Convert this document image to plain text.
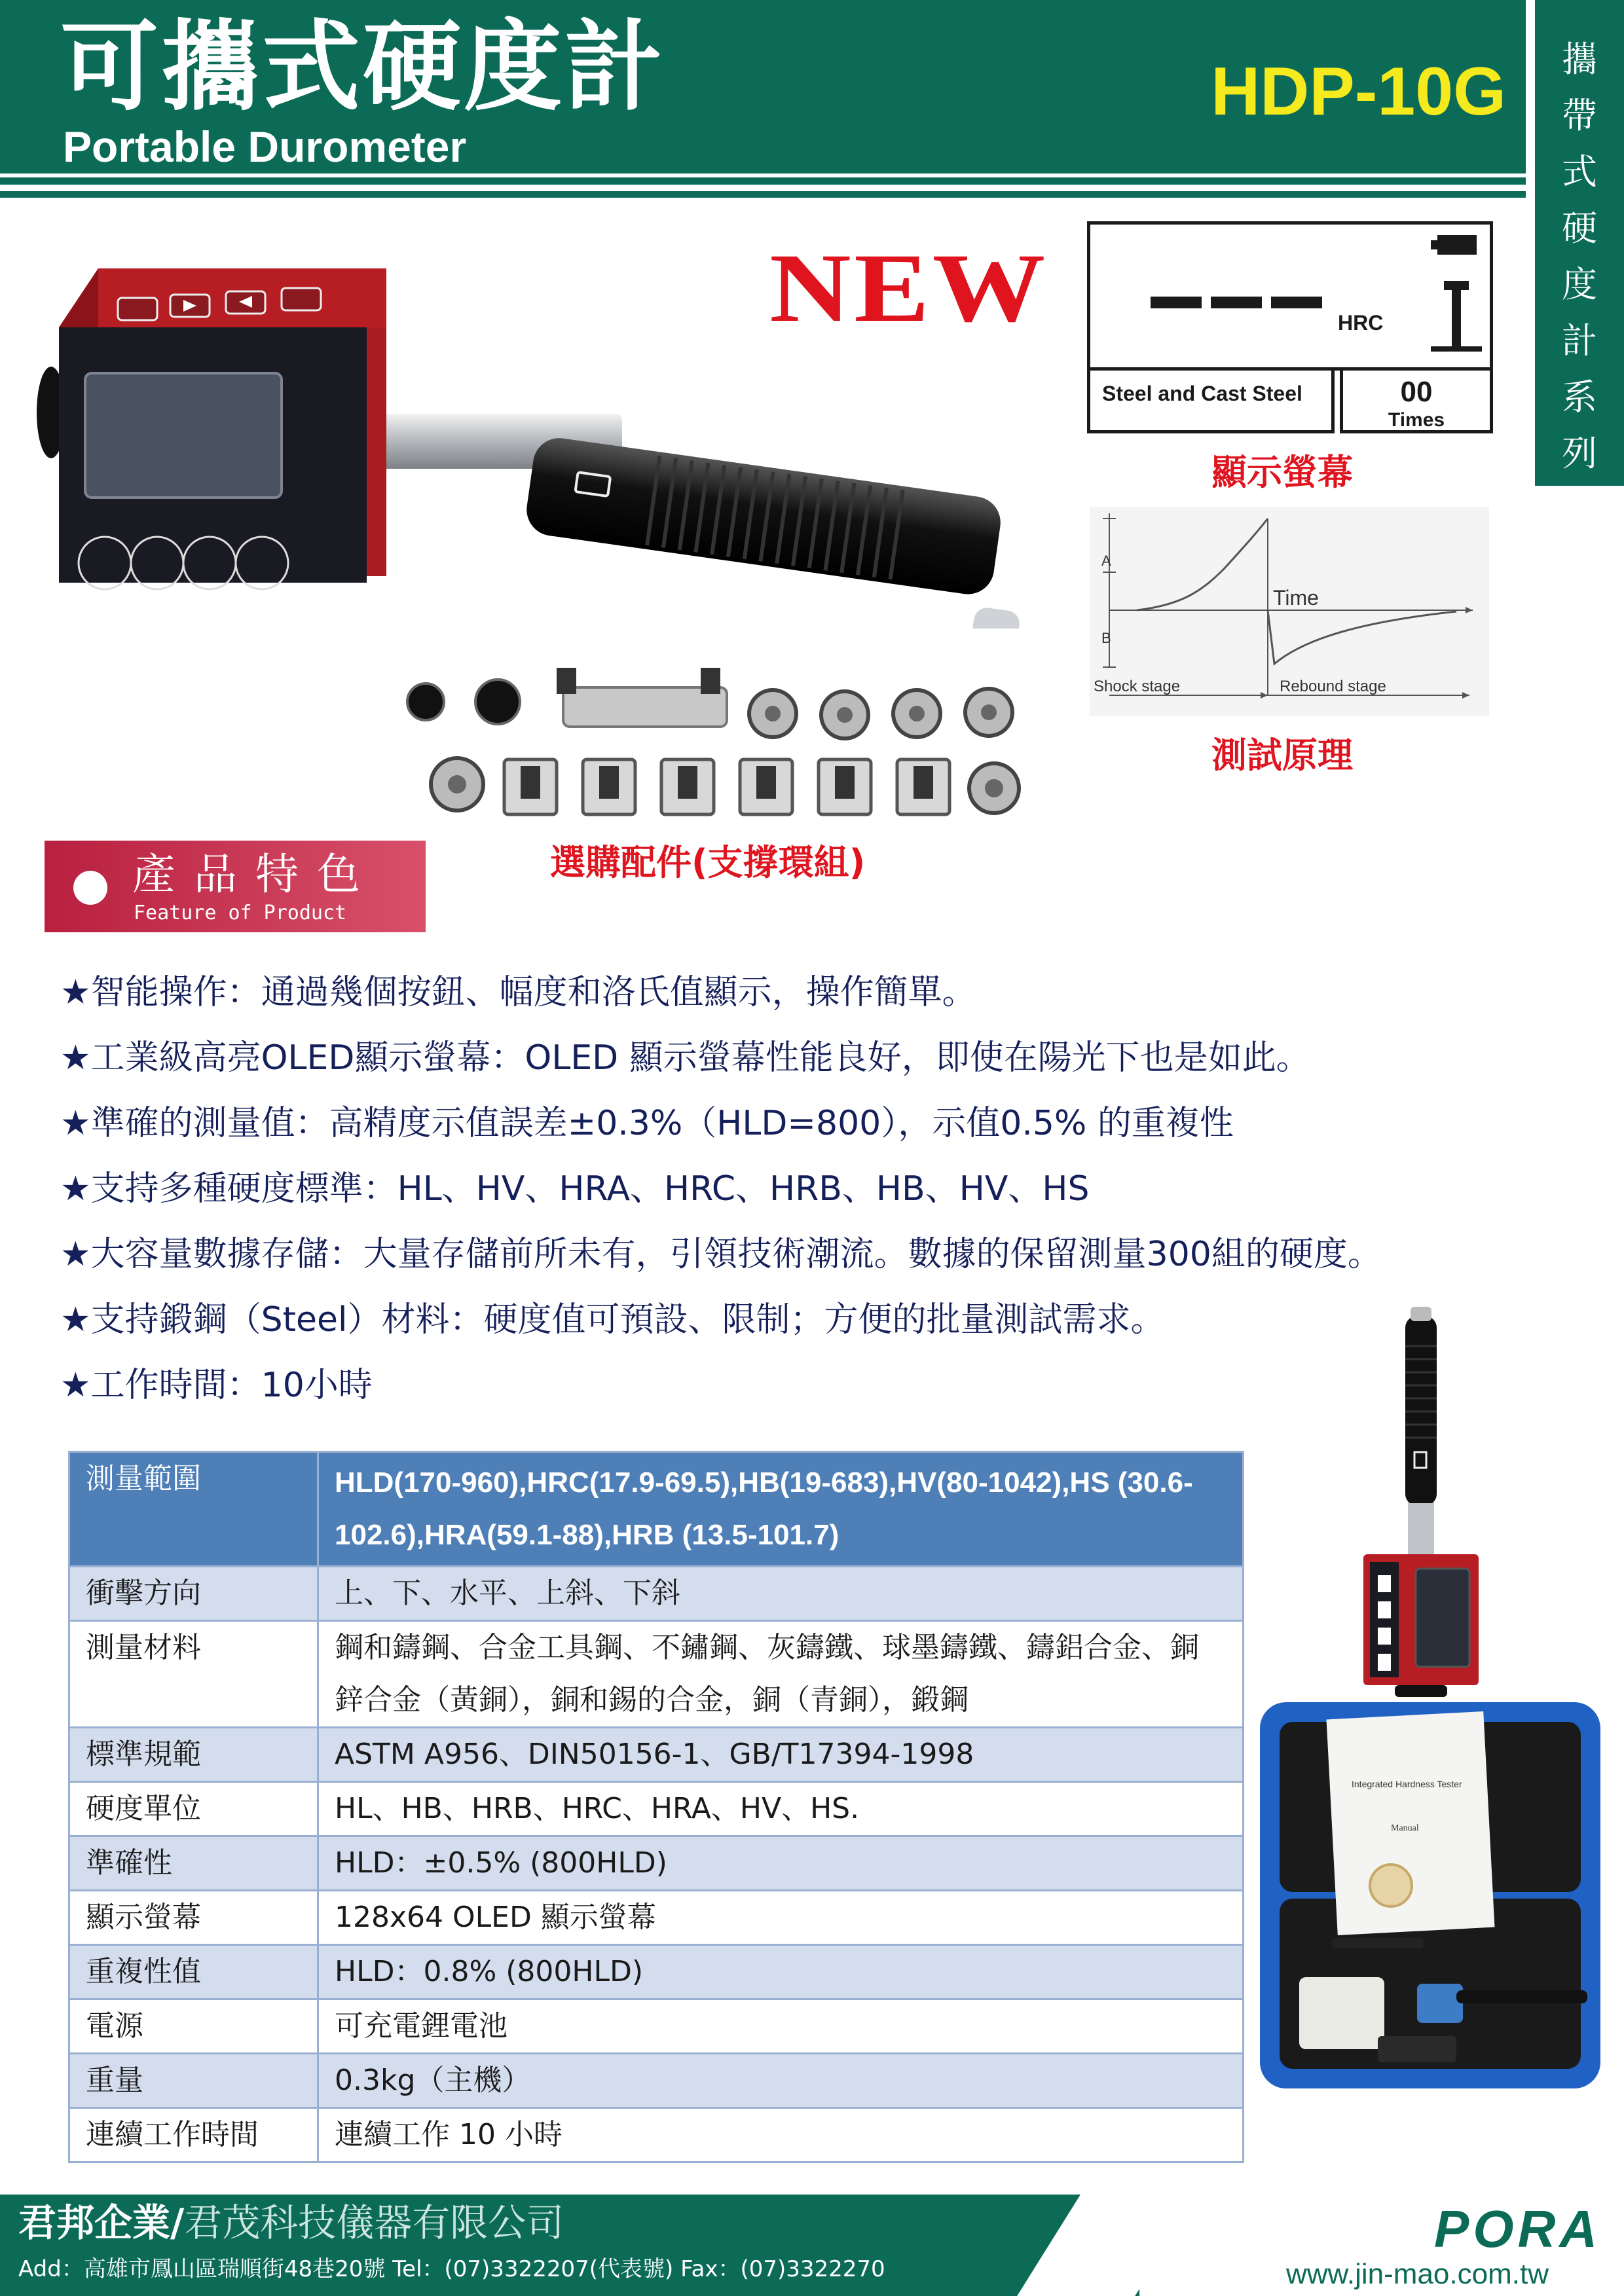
可攜式硬度計
Portable Durometer
HDP-10G	攜
帶
式
硬
度
計
系
列
NEW
選購配件(支撐環組)
HRC
Steel and Cast Steel	00
Times
顯示螢幕
A
B
Time
Shock stage	Rebound stage
測試原理
產品特色
Feature of Product
★智能操作：通過幾個按鈕、幅度和洛氏值顯示，操作簡單。
★工業級高亮OLED顯示螢幕：OLED 顯示螢幕性能良好，即使在陽光下也是如此。
★準確的測量值：高精度示值誤差±0.3%（HLD=800），示值0.5% 的重複性
★支持多種硬度標準：HL、HV、HRA、HRC、HRB、HB、HV、HS
★大容量數據存儲：大量存儲前所未有，引領技術潮流。數據的保留測量300組的硬度。
★支持鍛鋼（Steel）材料：硬度值可預設、限制；方便的批量測試需求。
★工作時間：10小時
測量範圍	HLD(170-960),HRC(17.9-69.5),HB(19-683),HV(80-1042),HS (30.6-102.6),HRA(59.1-88),HRB (13.5-101.7)
衝擊方向	上、下、水平、上斜、下斜
測量材料	鋼和鑄鋼、合金工具鋼、不鏽鋼、灰鑄鐵、球墨鑄鐵、鑄鋁合金、銅鋅合金（黃銅），銅和錫的合金，銅（青銅），鍛鋼
標準規範	ASTM A956、DIN50156-1、GB/T17394-1998
硬度單位	HL、HB、HRB、HRC、HRA、HV、HS.
準確性	HLD：±0.5% (800HLD)
顯示螢幕	128x64 OLED 顯示螢幕
重複性值	HLD：0.8% (800HLD)
電源	可充電鋰電池
重量	0.3kg（主機）
連續工作時間	連續工作 10 小時
Integrated Hardness Tester
Manual
君邦企業/君茂科技儀器有限公司
Add：高雄市鳳山區瑞順街48巷20號 Tel：(07)3322207(代表號) Fax：(07)3322270
PORA
www.jin-mao.com.tw
